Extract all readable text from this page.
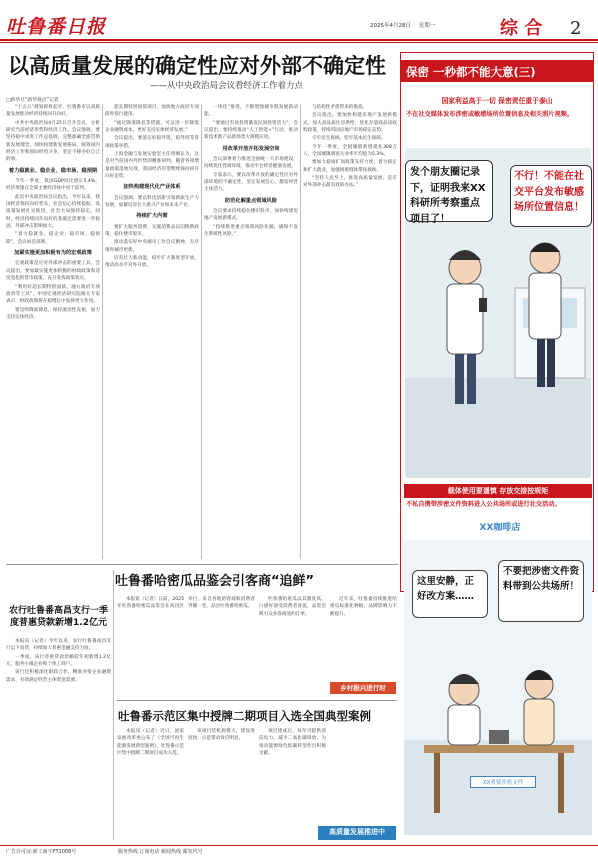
吐鲁番日报	2025年4月28日 星期一	综 合 2
以高质量发展的确定性应对外部不确定性
——从中央政治局会议看经济工作着力点
□新华社“新华视点”记者

“十五五”规划即将起步，吐鲁番市以高质量发展推动经济持续回升向好。

中共中央政治局4月25日召开会议，分析研究当前经济形势和经济工作。会议强调，要坚持稳中求进工作总基调，完整准确全面贯彻新发展理念，加快构建新发展格局，统筹国内经济工作和国际经贸斗争，坚定不移办好自己的事。

着力稳就业、稳企业、稳市场、稳预期

今年一季度，我国GDP同比增长5.4%，经济增速在全球主要经济体中居于前列。

此次中央政治局会议指出，今年以来，我国经济保持向好势头，社会信心持续提振，高质量发展扎实推进，社会大局保持稳定。同时，经济持续回升向好的基础还需要进一步稳固，外部冲击影响加大。

“着力稳就业、稳企业、稳市场、稳预期”，会议如是部署。

加紧实施更加积极有为的宏观政策

宏观政策是应对外部冲击的重要工具。会议提出，要加紧实施更加积极的财政政策和适度宽松的货币政策，充分发挥政策效应。

“利用好超长期特别国债、地方政府专项债券等工具”，中国宏观经济研究院相关专家表示，财政政策将在稳增长中发挥更大作用。

要适时降准降息，保持流动性充裕，加力支持实体经济。

超长期特别国债项目，加快地方政府专项债券发行使用。

“通过降准降息等措施，可以进一步降低企业融资成本，更好支持实体经济发展。”

会议提出，要落实好稳外资、稳外贸等各项政策举措。

上海金融与发展实验室主任曾刚认为，这是对当前国内外形势的精准研判，随着各项增量政策落地见效，我国经济有望继续保持回升向好态势。

加快构建现代化产业体系

会议强调，要以科技创新引领新质生产力发展，加紧培育壮大新兴产业和未来产业。

持续扩大内需

要扩大服务消费，实施消费品以旧换新政策，稳住楼市股市。

推动落实好中央城市工作会议精神，有序推进城市更新。

培育壮大新动能，稳步扩大制度型开放，推动高水平对外开放。

一体化”推进，不断增强城市群发展新动能。

“要通过有效投资激发民间投资活力”，会议提出，要持续推动“人工智能+”行动，推动新技术新产品新场景大规模应用。

用改革开放开拓发展空间

会议部署着力推进全国统一大市场建设，持续优化营商环境，推动平台经济健康发展。

专家表示，要以改革开放的确定性应对外部环境的不确定性，坚定发展信心，激发经营主体活力。

防范化解重点领域风险

会议要求持续稳住楼市股市，加快构建房地产发展新模式。

“持续推进重点领域风险化解，确保不发生系统性风险。”

与结构性矛盾带来的挑战。

会议指出，要加快构建房地产发展新模式，加大高品质住房供给，优化存量商品房收购政策，持续巩固房地产市场稳定态势。

守牢民生底线，兜牢基本民生保障。

今年一季度，全国城镇新增就业308万人，全国城镇调查失业率平均值为5.3%。

要加大稳岗扩岗政策支持力度，着力稳定和扩大就业，加强困难群体帮扶救助。

“坚持人民至上、推进高质量发展，是应对外部冲击最有效的办法。”

保密 一秒都不能大意(三)
国家利益高于一切 保密责任重于泰山
不在社交媒体发布涉密或敏感场所位置信息及相关照片视频。
发个朋友圈记录下，证明我来XX科研所考察重点项目了！
不行！不能在社交平台发布敏感场所位置信息！
载体使用要谨慎 存放交接按规矩
不私自携带涉密文件资料进入公共场所或进行社交活动。
XX咖啡店
这里安静，正好改方案……
不要把涉密文件资料带到公共场所！
XX重要涉密文件
农行吐鲁番高昌支行一季度普惠贷款新增1.2亿元

本报讯（记者）今年以来，农行吐鲁番高昌支行以下真贷，持续加大普惠金融支持力度。

一季度，该行普惠贷款余额较年初新增1.2亿元，服务小微企业和个体工商户。

该行还积极深化银政合作，精准对接企业融资需求，有效满足经营主体资金需要。

吐鲁番哈密瓜品鉴会引客商“追鲜”

本报讯（记者）日前，2025年吐鲁番哈密瓜品鉴会在高昌区举行，来自各地的客商和消费者齐聚一堂，品尝吐鲁番哈密瓜。

吐鲁番哈密瓜以其甜度高、口感好深受消费者喜爱，品鉴会吸引众多客商签约订单。

近年来，吐鲁番持续推进哈密瓜标准化种植，品牌影响力不断提升。

乡村振兴进行时
吐鲁番示范区集中授牌二期项目入选全国典型案例

本报讯（记者）近日，国家发展改革委公布了《全国可再生能源发展典型案例》，吐鲁番示范区集中授牌二期项目成功入选。

该项目装机规模大，建设进度快，示范带动效应明显。

项目建成后，每年可提供清洁电力，减少二氧化碳排放，为推动能源绿色低碳转型作出积极贡献。

高质量发展推进中
广告许可证:新工商字FT1008号	服务热线 订阅电话 新闻热线 邮发代号
